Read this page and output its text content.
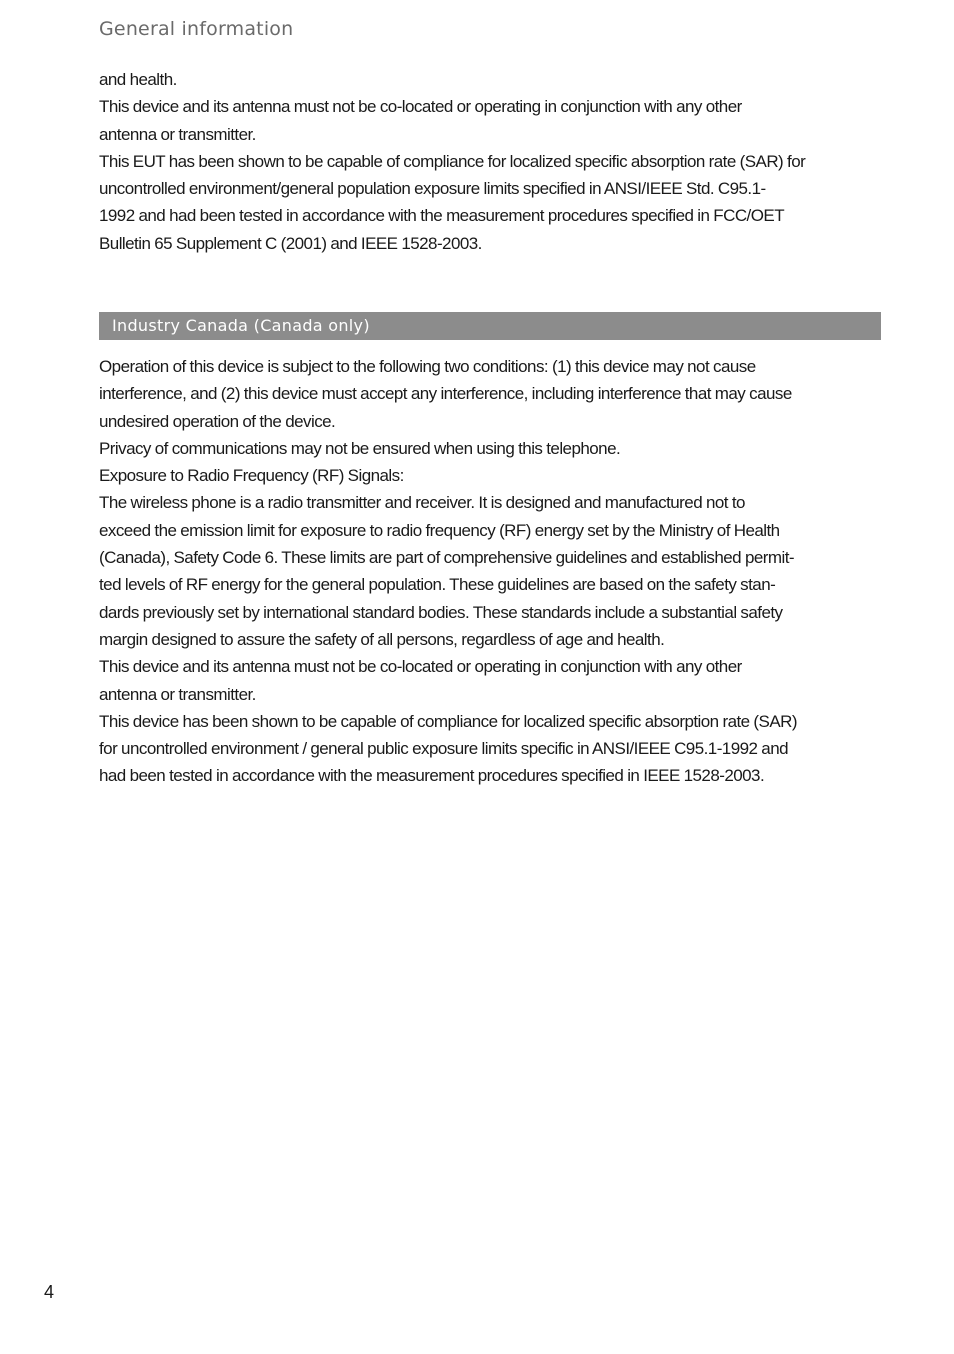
General information

and health.

This device and its antenna must not be co-located or operating in conjunction with any other

antenna or transmitter.

This EUT has been shown to be capable of compliance for localized specific absorption rate (SAR) for

uncontrolled environment/general population exposure limits specified in ANSI/IEEE Std. C95.1-

1992 and had been tested in accordance with the measurement procedures specified in FCC/OET

Bulletin 65 Supplement C (2001) and IEEE 1528-2003.

Industry Canada (Canada only)

Operation of this device is subject to the following two conditions: (1) this device may not cause

interference, and (2) this device must accept any interference, including interference that may cause

undesired operation of the device.

Privacy of communications may not be ensured when using this telephone.

Exposure to Radio Frequency (RF) Signals:

The wireless phone is a radio transmitter and receiver. It is designed and manufactured not to

exceed the emission limit for exposure to radio frequency (RF) energy set by the Ministry of Health

(Canada), Safety Code 6. These limits are part of comprehensive guidelines and established permit-

ted levels of RF energy for the general population. These guidelines are based on the safety stan-

dards previously set by international standard bodies. These standards include a substantial safety

margin designed to assure the safety of all persons, regardless of age and health.

This device and its antenna must not be co-located or operating in conjunction with any other

antenna or transmitter.

This device has been shown to be capable of compliance for localized specific absorption rate (SAR)

for uncontrolled environment / general public exposure limits specific in ANSI/IEEE C95.1-1992 and

had been tested in accordance with the measurement procedures specified in IEEE 1528-2003.

4
